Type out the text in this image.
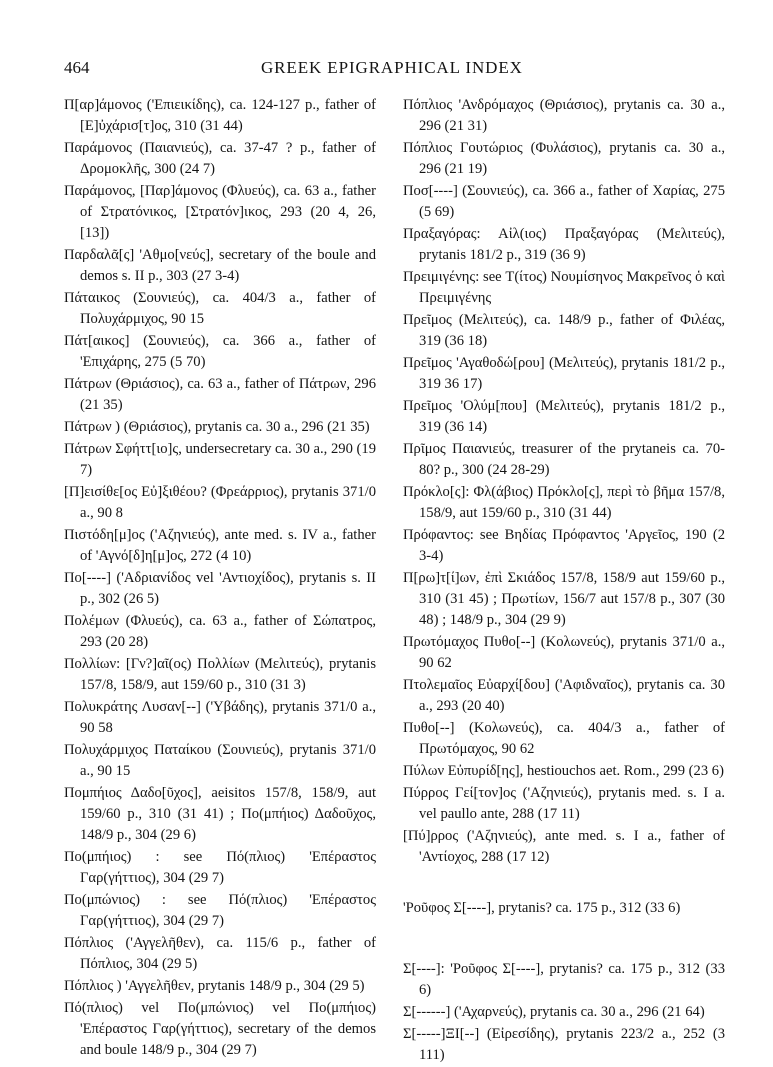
464	GREEK EPIGRAPHICAL INDEX

Π[αρ]άμονος ('Επιεικίδης), ca. 124-127 p., father of [Ε]ὐχάρισ[τ]ος, 310 (31 44)

Παράμονος (Παιανιεύς), ca. 37-47 ? p., father of Δρομοκλῆς, 300 (24 7)

Παράμονος, [Παρ]άμονος (Φλυεύς), ca. 63 a., father of Στρατόνικος, [Στρατόν]ικος, 293 (20 4, 26, [13])

Παρδαλᾶ[ς] 'Αθμο[νεύς], secretary of the boule and demos s. II p., 303 (27 3-4)

Πάταικος (Σουνιεύς), ca. 404/3 a., father of Πολυχάρμιχος, 90 15

Πάτ[αικος] (Σουνιεύς), ca. 366 a., father of 'Επιχάρης, 275 (5 70)

Πάτρων (Θριάσιος), ca. 63 a., father of Πάτρων, 296 (21 35)

Πάτρων ) (Θριάσιος), prytanis ca. 30 a., 296 (21 35)

Πάτρων Σφήττ[ιο]ς, undersecretary ca. 30 a., 290 (19 7)

[Π]εισίθε[ος Εὐ]ξιθέου? (Φρεάρριος), prytanis 371/0 a., 90 8

Πιστόδη[μ]ος ('Αζηνιεύς), ante med. s. IV a., father of 'Αγνό[δ]η[μ]ος, 272 (4 10)

Πο[----] ('Αδριανίδος vel 'Αντιοχίδος), prytanis s. II p., 302 (26 5)

Πολέμων (Φλυεύς), ca. 63 a., father of Σώπατρος, 293 (20 28)

Πολλίων: [Γν?]αῖ(ος) Πολλίων (Μελιτεύς), prytanis 157/8, 158/9, aut 159/60 p., 310 (31 3)

Πολυκράτης Λυσαν[--] ('Υβάδης), prytanis 371/0 a., 90 58

Πολυχάρμιχος Παταίκου (Σουνιεύς), prytanis 371/0 a., 90 15

Πομπήιος Δαδο[ῦχος], aeisitos 157/8, 158/9, aut 159/60 p., 310 (31 41) ; Πο(μπήιος) Δαδοῦχος, 148/9 p., 304 (29 6)

Πο(μπήιος) : see Πό(πλιος) 'Επέραστος Γαρ(γήττιος), 304 (29 7)

Πο(μπώνιος) : see Πό(πλιος) 'Επέραστος Γαρ(γήττιος), 304 (29 7)

Πόπλιος ('Αγγελῆθεν), ca. 115/6 p., father of Πόπλιος, 304 (29 5)

Πόπλιος ) 'Αγγελῆθεν, prytanis 148/9 p., 304 (29 5)

Πό(πλιος) vel Πο(μπώνιος) vel Πο(μπήιος) 'Επέραστος Γαρ(γήττιος), secretary of the demos and boule 148/9 p., 304 (29 7)

Πόπλιος 'Ανδρόμαχος (Θριάσιος), prytanis ca. 30 a., 296 (21 31)

Πόπλιος Γουτώριος (Φυλάσιος), prytanis ca. 30 a., 296 (21 19)

Ποσ[----] (Σουνιεύς), ca. 366 a., father of Χαρίας, 275 (5 69)

Πραξαγόρας: Αἰλ(ιος) Πραξαγόρας (Μελιτεύς), prytanis 181/2 p., 319 (36 9)

Πρειμιγένης: see Τ(ίτος) Νουμίσηνος Μακρεῖνος ὁ καὶ Πρειμιγένης

Πρεῖμος (Μελιτεύς), ca. 148/9 p., father of Φιλέας, 319 (36 18)

Πρεῖμος 'Αγαθοδώ[ρου] (Μελιτεύς), prytanis 181/2 p., 319 36 17)

Πρεῖμος 'Ολύμ[που] (Μελιτεύς), prytanis 181/2 p., 319 (36 14)

Πρῖμος Παιανιεύς, treasurer of the prytaneis ca. 70-80? p., 300 (24 28-29)

Πρόκλο[ς]: Φλ(άβιος) Πρόκλο[ς], περὶ τὸ βῆμα 157/8, 158/9, aut 159/60 p., 310 (31 44)

Πρόφαντος: see Βηδίας Πρόφαντος 'Αργεῖος, 190 (2 3-4)

Π[ρω]τ[ί]ων, ἐπὶ Σκιάδος 157/8, 158/9 aut 159/60 p., 310 (31 45) ; Πρωτίων, 156/7 aut 157/8 p., 307 (30 48) ; 148/9 p., 304 (29 9)

Πρωτόμαχος Πυθο[--] (Κολωνεύς), prytanis 371/0 a., 90 62

Πτολεμαῖος Εὐαρχί[δου] ('Αφιδναῖος), prytanis ca. 30 a., 293 (20 40)

Πυθο[--] (Κολωνεύς), ca. 404/3 a., father of Πρωτόμαχος, 90 62

Πύλων Εὐπυρίδ[ης], hestiouchos aet. Rom., 299 (23 6)

Πύρρος Γεί[τον]ος ('Αζηνιεύς), prytanis med. s. I a. vel paullo ante, 288 (17 11)

[Πύ]ρρος ('Αζηνιεύς), ante med. s. I a., father of 'Αντίοχος, 288 (17 12)

'Ροῦφος Σ[----], prytanis? ca. 175 p., 312 (33 6)

Σ[----]: 'Ροῦφος Σ[----], prytanis? ca. 175 p., 312 (33 6)

Σ[------] ('Αχαρνεύς), prytanis ca. 30 a., 296 (21 64)

Σ[-----]ΞΙ[--] (Εἰρεσίδης), prytanis 223/2 a., 252 (3 111)
